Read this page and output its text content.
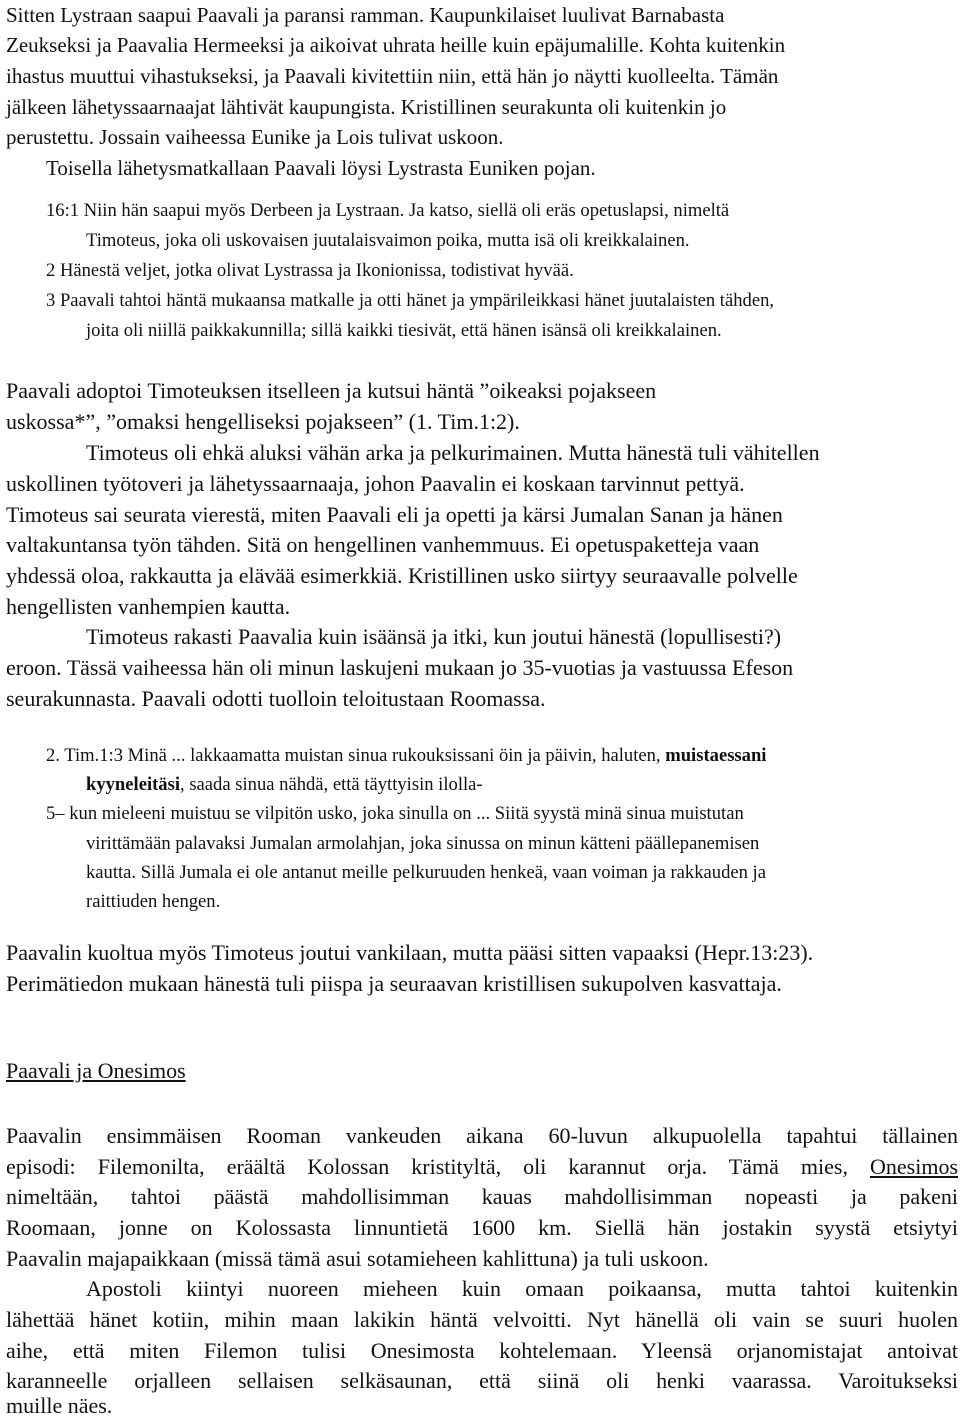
Sitten Lystraan saapui Paavali ja paransi ramman. Kaupunkilaiset luulivat Barnabasta
Zeukseksi ja Paavalia Hermeeksi ja aikoivat uhrata heille kuin epäjumalille. Kohta kuitenkin
ihastus muuttui vihastukseksi, ja Paavali kivitettiin niin, että hän jo näytti kuolleelta. Tämän
jälkeen lähetyssaarnaajat lähtivät kaupungista. Kristillinen seurakunta oli kuitenkin jo
perustettu. Jossain vaiheessa Eunike ja Lois tulivat uskoon.
Toisella lähetysmatkallaan Paavali löysi Lystrasta Euniken pojan.
16:1 Niin hän saapui myös Derbeen ja Lystraan. Ja katso, siellä oli eräs opetuslapsi, nimeltä
Timoteus, joka oli uskovaisen juutalaisvaimon poika, mutta isä oli kreikkalainen.
2 Hänestä veljet, jotka olivat Lystrassa ja Ikonionissa, todistivat hyvää.
3 Paavali tahtoi häntä mukaansa matkalle ja otti hänet ja ympärileikkasi hänet juutalaisten tähden,
joita oli niillä paikkakunnilla; sillä kaikki tiesivät, että hänen isänsä oli kreikkalainen.
Paavali adoptoi Timoteuksen itselleen ja kutsui häntä ”oikeaksi pojakseen
uskossa*”, ”omaksi hengelliseksi pojakseen” (1. Tim.1:2).
Timoteus oli ehkä aluksi vähän arka ja pelkurimainen. Mutta hänestä tuli vähitellen
uskollinen työtoveri ja lähetyssaarnaaja, johon Paavalin ei koskaan tarvinnut pettyä.
Timoteus sai seurata vierestä, miten Paavali eli ja opetti ja kärsi Jumalan Sanan ja hänen
valtakuntansa työn tähden. Sitä on hengellinen vanhemmuus. Ei opetuspaketteja vaan
yhdessä oloa, rakkautta ja elävää esimerkkiä. Kristillinen usko siirtyy seuraavalle polvelle
hengellisten vanhempien kautta.
Timoteus rakasti Paavalia kuin isäänsä ja itki, kun joutui hänestä (lopullisesti?)
eroon. Tässä vaiheessa hän oli minun laskujeni mukaan jo 35-vuotias ja vastuussa Efeson
seurakunnasta. Paavali odotti tuolloin teloitustaan Roomassa.
2. Tim.1:3 Minä ... lakkaamatta muistan sinua rukouksissani öin ja päivin, haluten, muistaessani
kyyneleitäsi, saada sinua nähdä, että täyttyisin ilolla-
5– kun mieleeni muistuu se vilpitön usko, joka sinulla on ... Siitä syystä minä sinua muistutan
virittämään palavaksi Jumalan armolahjan, joka sinussa on minun kätteni päällepanemisen
kautta. Sillä Jumala ei ole antanut meille pelkuruuden henkeä, vaan voiman ja rakkauden ja
raittiuden hengen.
Paavalin kuoltua myös Timoteus joutui vankilaan, mutta pääsi sitten vapaaksi (Hepr.13:23).
Perimätiedon mukaan hänestä tuli piispa ja seuraavan kristillisen sukupolven kasvattaja.
Paavali ja Onesimos
Paavalin ensimmäisen Rooman vankeuden aikana 60-luvun alkupuolella tapahtui tällainen
episodi: Filemonilta, eräältä Kolossan kristityltä, oli karannut orja. Tämä mies, Onesimos
nimeltään, tahtoi päästä mahdollisimman kauas mahdollisimman nopeasti ja pakeni
Roomaan, jonne on Kolossasta linnuntietä 1600 km. Siellä hän jostakin syystä etsiytyi
Paavalin majapaikkaan (missä tämä asui sotamieheen kahlittuna) ja tuli uskoon.
Apostoli kiintyi nuoreen mieheen kuin omaan poikaansa, mutta tahtoi kuitenkin
lähettää hänet kotiin, mihin maan lakikin häntä velvoitti. Nyt hänellä oli vain se suuri huolen
aihe, että miten Filemon tulisi Onesimosta kohtelemaan. Yleensä orjanomistajat antoivat
karanneelle orjalleen sellaisen selkäsaunan, että siinä oli henki vaarassa. Varoitukseksi
muille näes.
